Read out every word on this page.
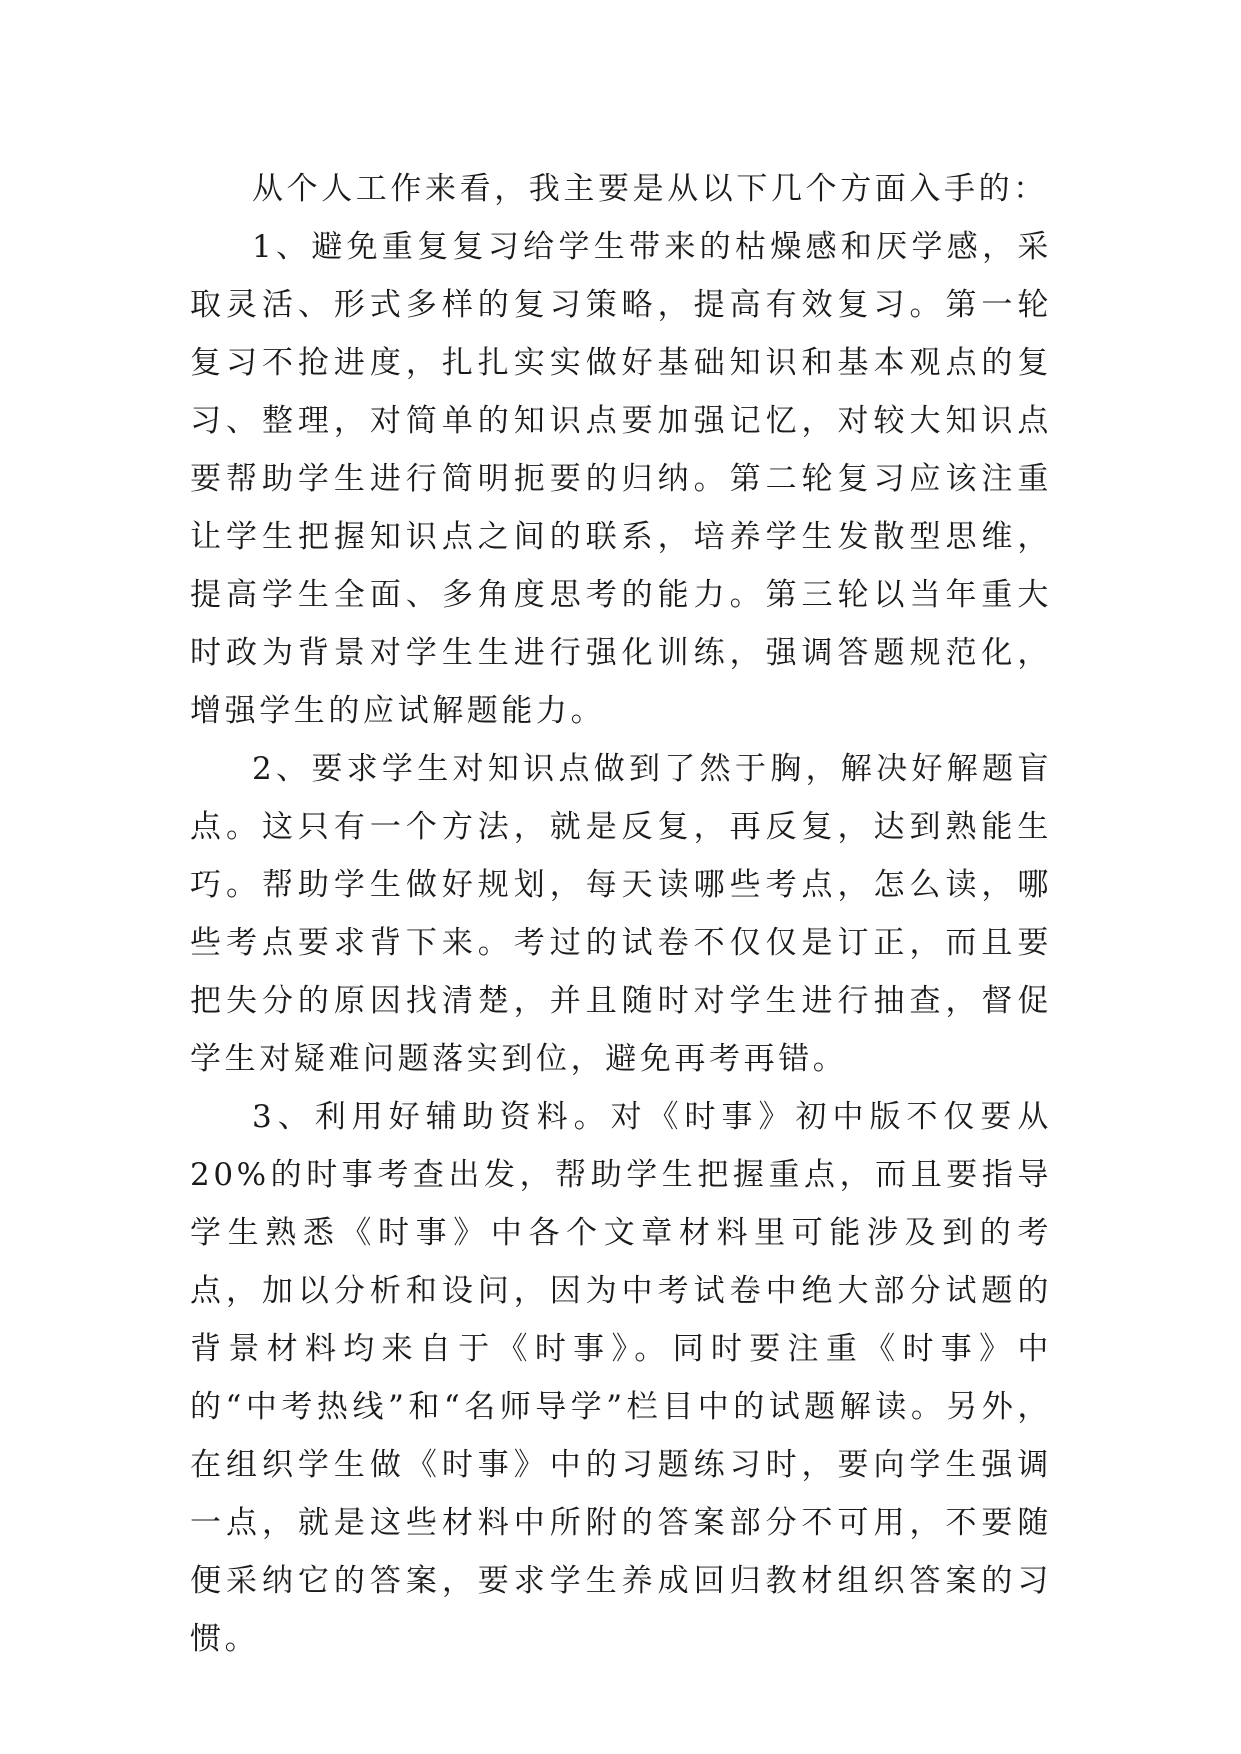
从个人工作来看，我主要是从以下几个方面入手的：

1、避免重复复习给学生带来的枯燥感和厌学感，采取灵活、形式多样的复习策略，提高有效复习。第一轮复习不抢进度，扎扎实实做好基础知识和基本观点的复习、整理，对简单的知识点要加强记忆，对较大知识点要帮助学生进行简明扼要的归纳。第二轮复习应该注重让学生把握知识点之间的联系，培养学生发散型思维，提高学生全面、多角度思考的能力。第三轮以当年重大时政为背景对学生生进行强化训练，强调答题规范化，增强学生的应试解题能力。

2、要求学生对知识点做到了然于胸，解决好解题盲点。这只有一个方法，就是反复，再反复，达到熟能生巧。帮助学生做好规划，每天读哪些考点，怎么读，哪些考点要求背下来。考过的试卷不仅仅是订正，而且要把失分的原因找清楚，并且随时对学生进行抽查，督促学生对疑难问题落实到位，避免再考再错。

3、利用好辅助资料。对《时事》初中版不仅要从 20%的时事考查出发，帮助学生把握重点，而且要指导学生熟悉《时事》中各个文章材料里可能涉及到的考点，加以分析和设问，因为中考试卷中绝大部分试题的背景材料均来自于《时事》。同时要注重《时事》中的“中考热线”和“名师导学”栏目中的试题解读。另外，在组织学生做《时事》中的习题练习时，要向学生强调一点，就是这些材料中所附的答案部分不可用，不要随便采纳它的答案，要求学生养成回归教材组织答案的习惯。
